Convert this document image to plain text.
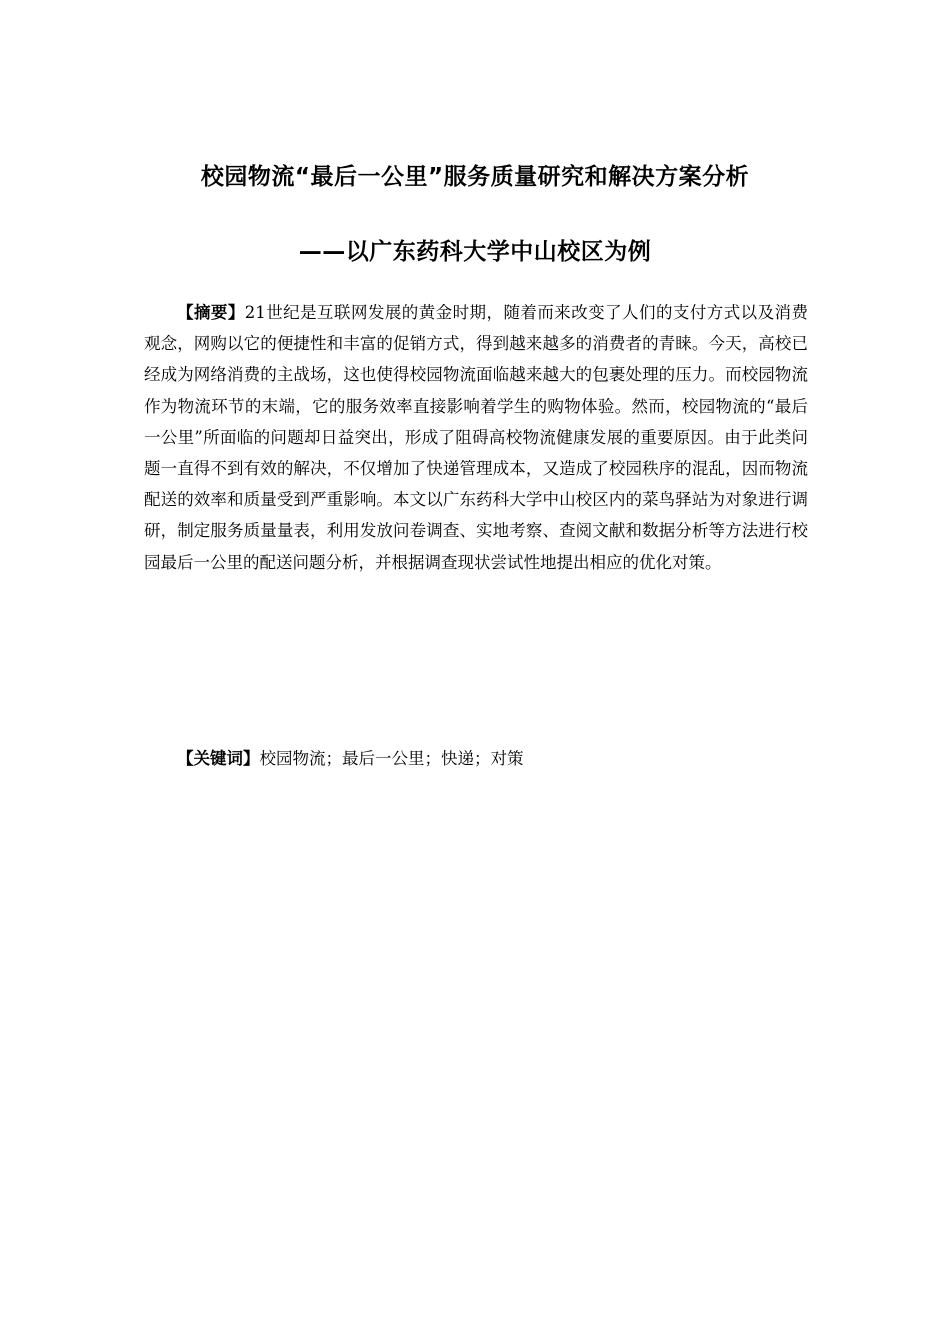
校园物流“最后一公里”服务质量研究和解决方案分析
——以广东药科大学中山校区为例

【摘要】21世纪是互联网发展的黄金时期，随着而来改变了人们的支付方式以及消费观念，网购以它的便捷性和丰富的促销方式，得到越来越多的消费者的青睐。今天，高校已经成为网络消费的主战场，这也使得校园物流面临越来越大的包裹处理的压力。而校园物流作为物流环节的末端，它的服务效率直接影响着学生的购物体验。然而，校园物流的“最后一公里”所面临的问题却日益突出，形成了阻碍高校物流健康发展的重要原因。由于此类问题一直得不到有效的解决，不仅增加了快递管理成本，又造成了校园秩序的混乱，因而物流配送的效率和质量受到严重影响。本文以广东药科大学中山校区内的菜鸟驿站为对象进行调研，制定服务质量量表，利用发放问卷调查、实地考察、查阅文献和数据分析等方法进行校园最后一公里的配送问题分析，并根据调查现状尝试性地提出相应的优化对策。

【关键词】校园物流；最后一公里；快递；对策
